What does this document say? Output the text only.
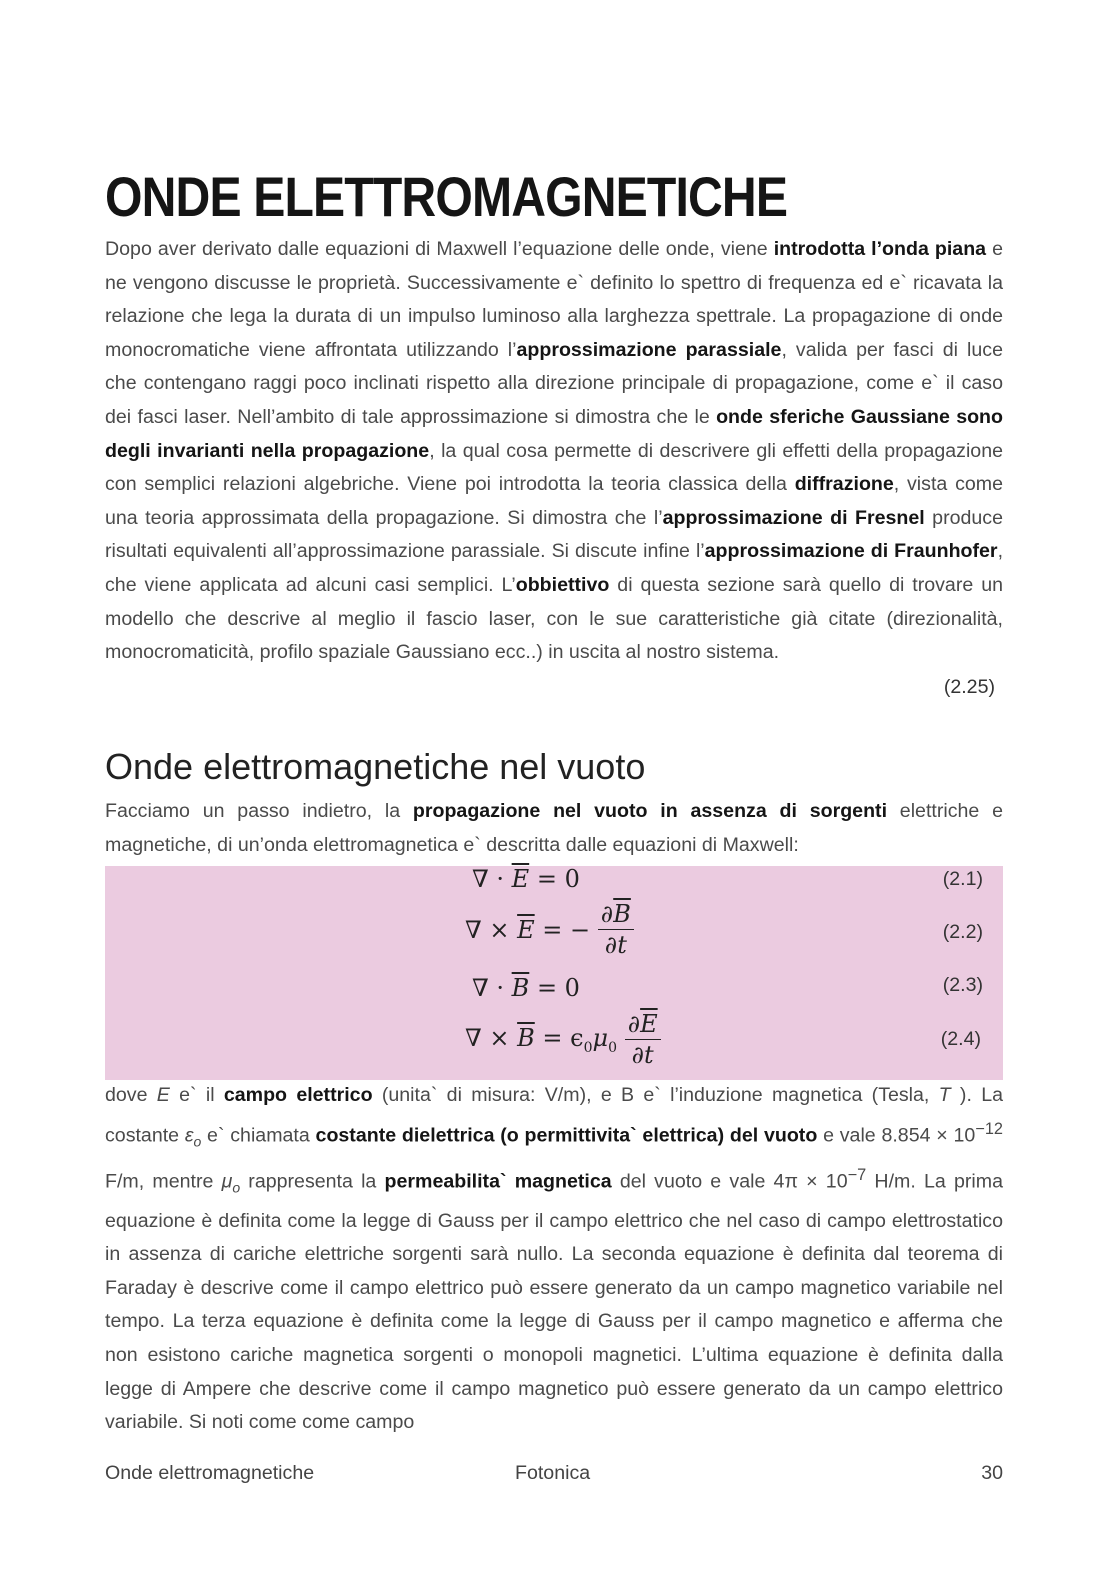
ONDE ELETTROMAGNETICHE

Dopo aver derivato dalle equazioni di Maxwell l’equazione delle onde, viene introdotta l’onda piana e ne vengono discusse le proprietà. Successivamente e` definito lo spettro di frequenza ed e` ricavata la relazione che lega la durata di un impulso luminoso alla larghezza spettrale. La propagazione di onde monocromatiche viene affrontata utilizzando l’approssimazione parassiale, valida per fasci di luce che contengano raggi poco inclinati rispetto alla direzione principale di propagazione, come e` il caso dei fasci laser. Nell’ambito di tale approssimazione si dimostra che le onde sferiche Gaussiane sono degli invarianti nella propagazione, la qual cosa permette di descrivere gli effetti della propagazione con semplici relazioni algebriche. Viene poi introdotta la teoria classica della diffrazione, vista come una teoria approssimata della propagazione. Si dimostra che l’approssimazione di Fresnel produce risultati equivalenti all’approssimazione parassiale. Si discute infine l’approssimazione di Fraunhofer, che viene applicata ad alcuni casi semplici. L’obbiettivo di questa sezione sarà quello di trovare un modello che descrive al meglio il fascio laser, con le sue caratteristiche già citate (direzionalità, monocromaticità, profilo spaziale Gaussiano ecc..) in uscita al nostro sistema.

(2.25)
Onde elettromagnetiche nel vuoto

Facciamo un passo indietro, la propagazione nel vuoto in assenza di sorgenti elettriche e magnetiche, di un’onda elettromagnetica e` descritta dalle equazioni di Maxwell:

∇ · $\overline{E} = 0$	(2.1)
∇ × $\overline{E}$ = − $\frac{\partial\overline{B}}{\partial t}$	(2.2)
∇ · $\overline{B} = 0$	(2.3)
∇ × $\overline{B} = \epsilon_0\mu_0 \frac{\partial\overline{E}}{\partial t}$	(2.4)

dove E e` il campo elettrico (unita` di misura: V/m), e B e` l’induzione magnetica (Tesla, T ). La costante $\varepsilon_o$ e` chiamata costante dielettrica (o permittivita` elettrica) del vuoto e vale $8.854 \times 10^{-12}$ F/m, mentre $\mu_o$ rappresenta la permeabilita` magnetica del vuoto e vale $4\pi \times 10^{-7}$ H/m. La prima equazione è definita come la legge di Gauss per il campo elettrico che nel caso di campo elettrostatico in assenza di cariche elettriche sorgenti sarà nullo. La seconda equazione è definita dal teorema di Faraday è descrive come il campo elettrico può essere generato da un campo magnetico variabile nel tempo. La terza equazione è definita come la legge di Gauss per il campo magnetico e afferma che non esistono cariche magnetica sorgenti o monopoli magnetici. L’ultima equazione è definita dalla legge di Ampere che descrive come il campo magnetico può essere generato da un campo elettrico variabile. Si noti come come campo

Onde elettromagnetiche	Fotonica	30
